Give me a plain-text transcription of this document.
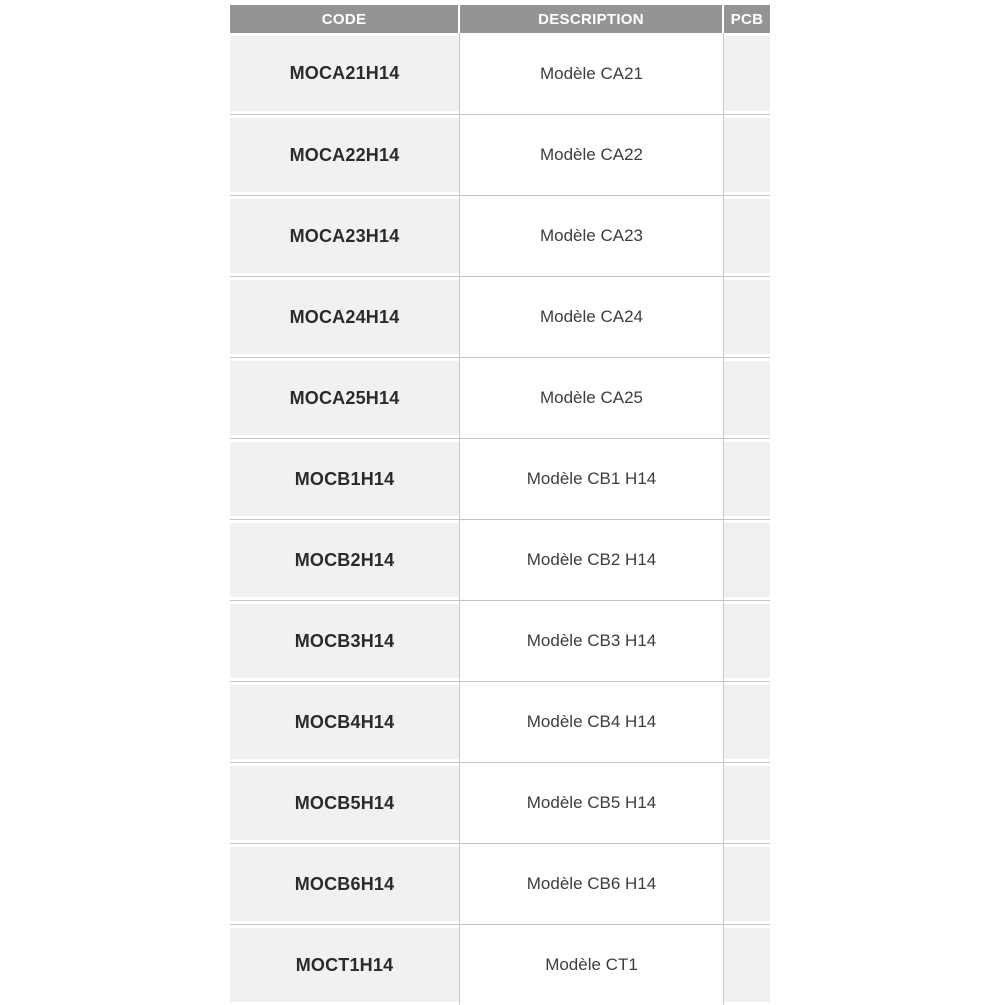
CODE	DESCRIPTION	PCB
MOCA21H14	Modèle CA21
MOCA22H14	Modèle CA22
MOCA23H14	Modèle CA23
MOCA24H14	Modèle CA24
MOCA25H14	Modèle CA25
MOCB1H14	Modèle CB1 H14
MOCB2H14	Modèle CB2 H14
MOCB3H14	Modèle CB3 H14
MOCB4H14	Modèle CB4 H14
MOCB5H14	Modèle CB5 H14
MOCB6H14	Modèle CB6 H14
MOCT1H14	Modèle CT1
